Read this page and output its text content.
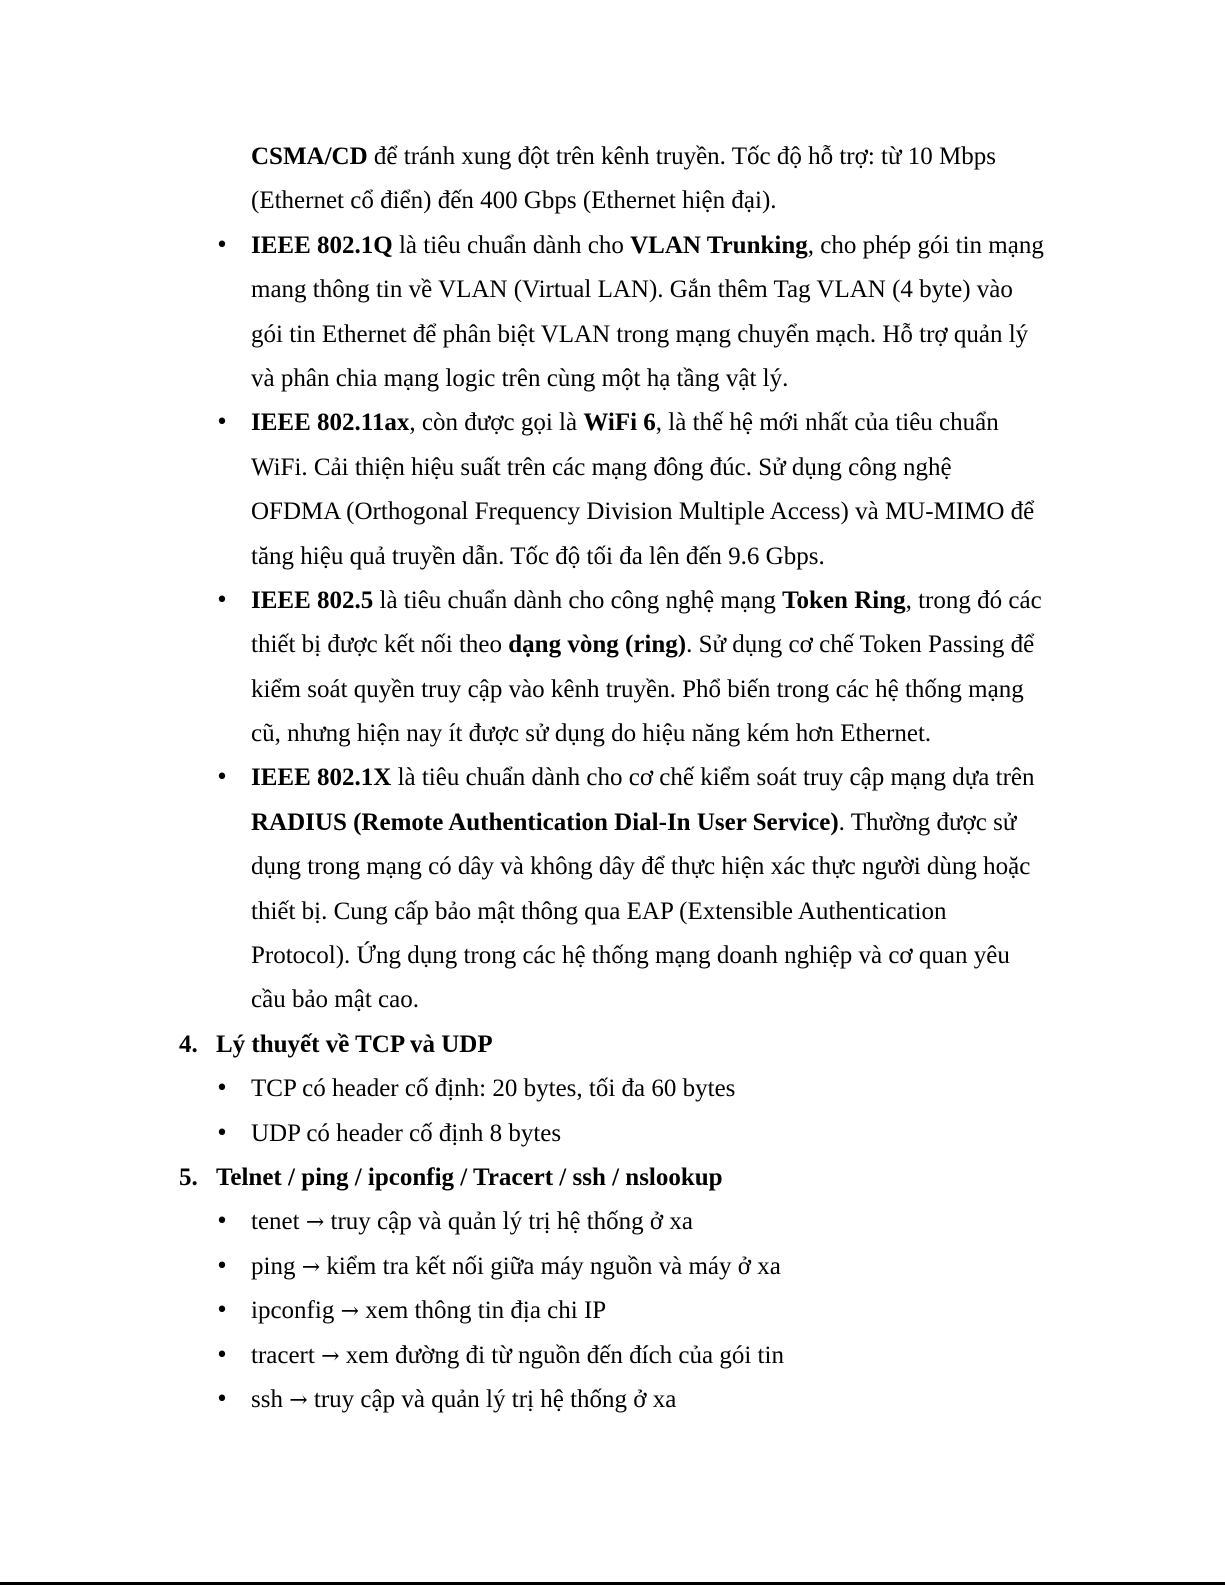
CSMA/CD để tránh xung đột trên kênh truyền. Tốc độ hỗ trợ: từ 10 Mbps
(Ethernet cổ điển) đến 400 Gbps (Ethernet hiện đại).
• IEEE 802.1Q là tiêu chuẩn dành cho VLAN Trunking, cho phép gói tin mạng
mang thông tin về VLAN (Virtual LAN). Gắn thêm Tag VLAN (4 byte) vào
gói tin Ethernet để phân biệt VLAN trong mạng chuyển mạch. Hỗ trợ quản lý
và phân chia mạng logic trên cùng một hạ tầng vật lý.
• IEEE 802.11ax, còn được gọi là WiFi 6, là thế hệ mới nhất của tiêu chuẩn
WiFi. Cải thiện hiệu suất trên các mạng đông đúc. Sử dụng công nghệ
OFDMA (Orthogonal Frequency Division Multiple Access) và MU-MIMO để
tăng hiệu quả truyền dẫn. Tốc độ tối đa lên đến 9.6 Gbps.
• IEEE 802.5 là tiêu chuẩn dành cho công nghệ mạng Token Ring, trong đó các
thiết bị được kết nối theo dạng vòng (ring). Sử dụng cơ chế Token Passing để
kiểm soát quyền truy cập vào kênh truyền. Phổ biến trong các hệ thống mạng
cũ, nhưng hiện nay ít được sử dụng do hiệu năng kém hơn Ethernet.
• IEEE 802.1X là tiêu chuẩn dành cho cơ chế kiểm soát truy cập mạng dựa trên
RADIUS (Remote Authentication Dial-In User Service). Thường được sử
dụng trong mạng có dây và không dây để thực hiện xác thực người dùng hoặc
thiết bị. Cung cấp bảo mật thông qua EAP (Extensible Authentication
Protocol). Ứng dụng trong các hệ thống mạng doanh nghiệp và cơ quan yêu
cầu bảo mật cao.
4. Lý thuyết về TCP và UDP
• TCP có header cố định: 20 bytes, tối đa 60 bytes
• UDP có header cố định 8 bytes
5. Telnet / ping / ipconfig / Tracert / ssh / nslookup
• tenet → truy cập và quản lý trị hệ thống ở xa
• ping → kiểm tra kết nối giữa máy nguồn và máy ở xa
• ipconfig → xem thông tin địa chi IP
• tracert → xem đường đi từ nguồn đến đích của gói tin
• ssh → truy cập và quản lý trị hệ thống ở xa
